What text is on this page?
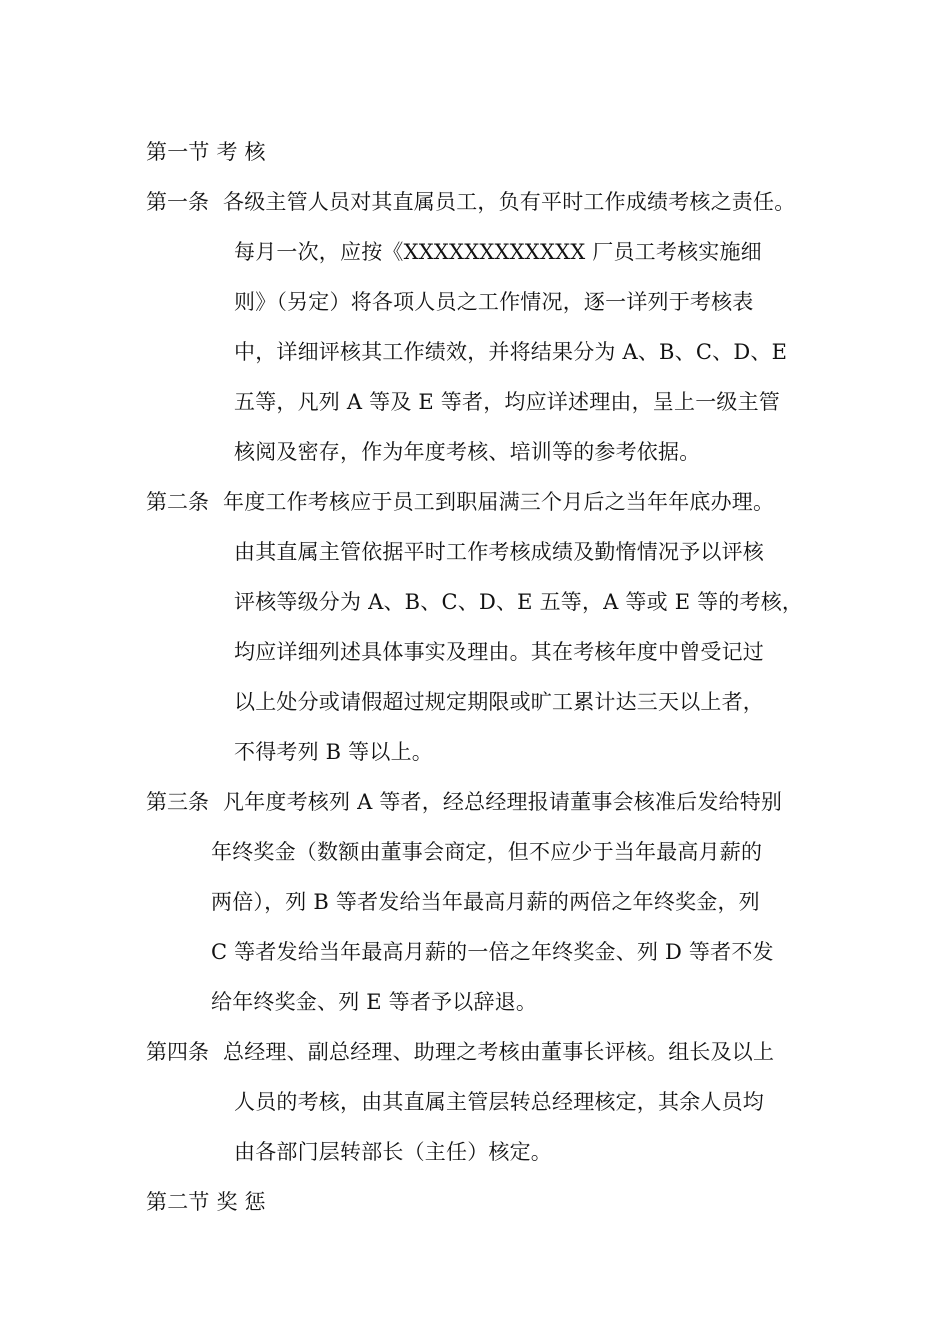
第一节 考 核
第一条 各级主管人员对其直属员工，负有平时工作成绩考核之责任。
每月一次，应按《XXXXXXXXXXXX 厂员工考核实施细
则》（另定）将各项人员之工作情况，逐一详列于考核表
中，详细评核其工作绩效，并将结果分为 A、B、C、D、E
五等，凡列 A 等及 E 等者，均应详述理由，呈上一级主管
核阅及密存，作为年度考核、培训等的参考依据。
第二条 年度工作考核应于员工到职届满三个月后之当年年底办理。
由其直属主管依据平时工作考核成绩及勤惰情况予以评核
评核等级分为 A、B、C、D、E 五等，A 等或 E 等的考核，
均应详细列述具体事实及理由。其在考核年度中曾受记过
以上处分或请假超过规定期限或旷工累计达三天以上者，
不得考列 B 等以上。
第三条 凡年度考核列 A 等者，经总经理报请董事会核准后发给特别
年终奖金（数额由董事会商定，但不应少于当年最高月薪的
两倍），列 B 等者发给当年最高月薪的两倍之年终奖金，列
C 等者发给当年最高月薪的一倍之年终奖金、列 D 等者不发
给年终奖金、列 E 等者予以辞退。
第四条 总经理、副总经理、助理之考核由董事长评核。组长及以上
人员的考核，由其直属主管层转总经理核定，其余人员均
由各部门层转部长（主任）核定。
第二节 奖 惩
